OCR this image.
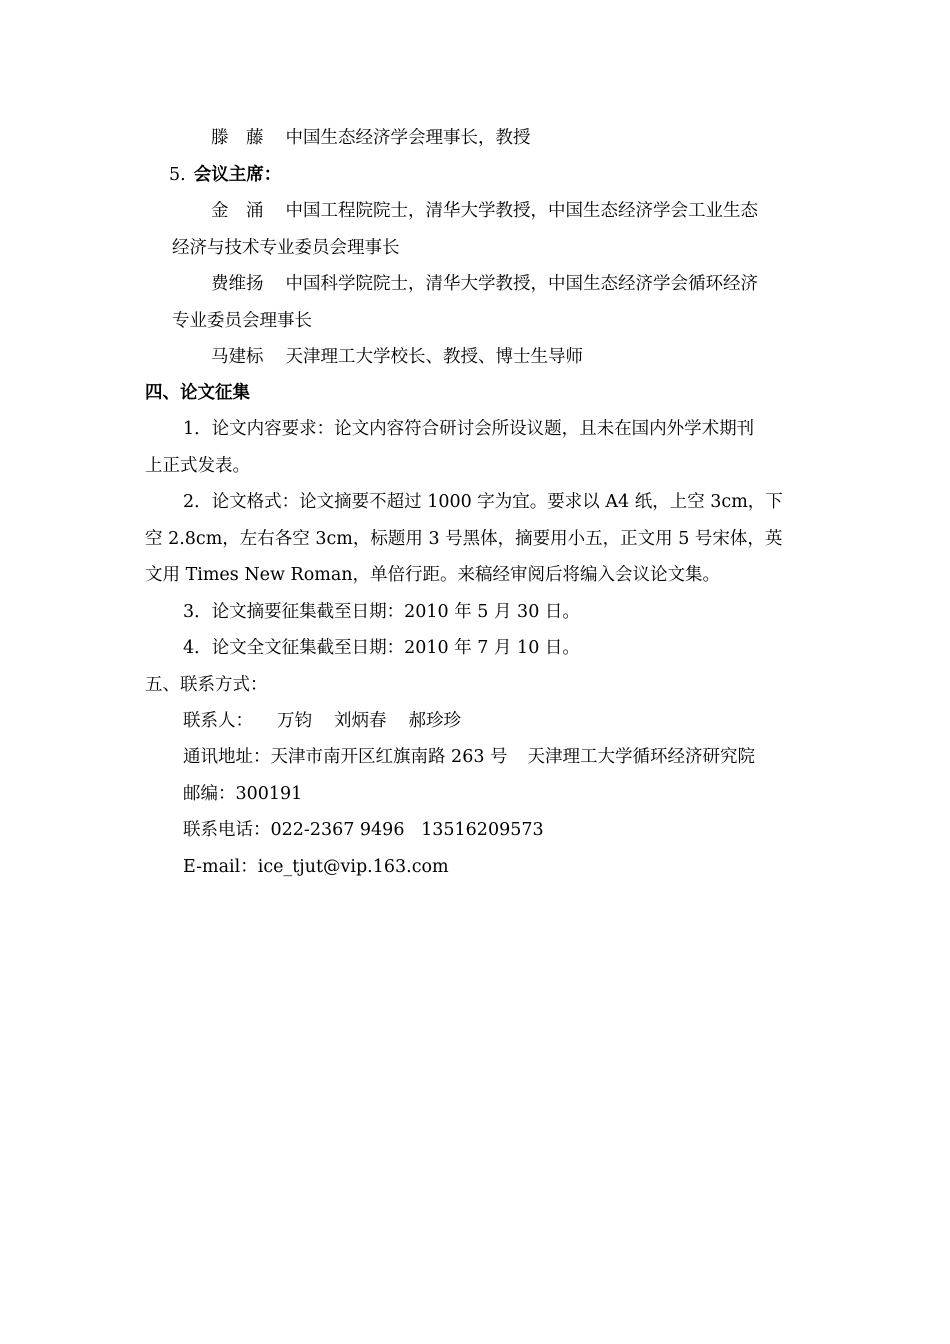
滕　藤 中国生态经济学会理事长，教授
5. 会议主席：
金　涌 中国工程院院士，清华大学教授，中国生态经济学会工业生态
经济与技术专业委员会理事长
费维扬 中国科学院院士，清华大学教授，中国生态经济学会循环经济
专业委员会理事长
马建标 天津理工大学校长、教授、博士生导师
四、论文征集
1．论文内容要求：论文内容符合研讨会所设议题，且未在国内外学术期刊
上正式发表。
2．论文格式：论文摘要不超过 1000 字为宜。要求以 A4 纸，上空 3cm，下
空 2.8cm，左右各空 3cm，标题用 3 号黑体，摘要用小五，正文用 5 号宋体，英
文用 Times New Roman，单倍行距。来稿经审阅后将编入会议论文集。
3．论文摘要征集截至日期：2010 年 5 月 30 日。
4．论文全文征集截至日期：2010 年 7 月 10 日。
五、联系方式：
联系人： 万钧 刘炳春 郝珍珍
通讯地址：天津市南开区红旗南路 263 号 天津理工大学循环经济研究院
邮编：300191
联系电话：022-2367 9496   13516209573
E-mail：ice_tjut@vip.163.com
